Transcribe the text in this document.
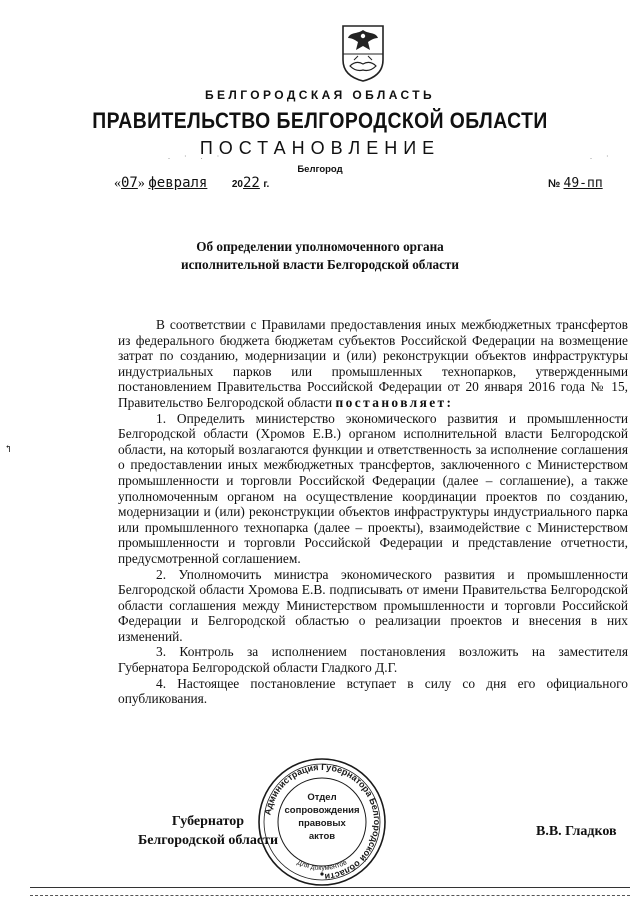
БЕЛГОРОДСКАЯ ОБЛАСТЬ
ПРАВИТЕЛЬСТВО БЕЛГОРОДСКОЙ ОБЛАСТИ
ПОСТАНОВЛЕНИЕ
Белгород
. · . ·	. ·
«07» февраля 2022 г.	№ 49-пп
Об определении уполномоченного органа
исполнительной власти Белгородской области
↰

В соответствии с Правилами предоставления иных межбюджетных трансфертов из федерального бюджета бюджетам субъектов Российской Федерации на возмещение затрат по созданию, модернизации и (или) реконструкции объектов инфраструктуры индустриальных парков или промышленных технопарков, утвержденными постановлением Правительства Российской Федерации от 20 января 2016 года № 15, Правительство Белгородской области постановляет:

1. Определить министерство экономического развития и промышленности Белгородской области (Хромов Е.В.) органом исполнительной власти Белгородской области, на который возлагаются функции и ответственность за исполнение соглашения о предоставлении иных межбюджетных трансфертов, заключенного с Министерством промышленности и торговли Российской Федерации (далее – соглашение), а также уполномоченным органом на осуществление координации проектов по созданию, модернизации и (или) реконструкции объектов инфраструктуры индустриального парка или промышленного технопарка (далее – проекты), взаимодействие с Министерством промышленности и торговли Российской Федерации и представление отчетности, предусмотренной соглашением.

2. Уполномочить министра экономического развития и промышленности Белгородской области Хромова Е.В. подписывать от имени Правительства Белгородской области соглашения между Министерством промышленности и торговли Российской Федерации и Белгородской областью о реализации проектов и внесения в них изменений.

3. Контроль за исполнением постановления возложить на заместителя Губернатора Белгородской области Гладкого Д.Г.

4. Настоящее постановление вступает в силу со дня его официального опубликования.

Администрация Губернатора Белгородской области
Отдел
сопровождения
правовых
актов
Для документов
Губернатор
Белгородской области
В.В. Гладков
